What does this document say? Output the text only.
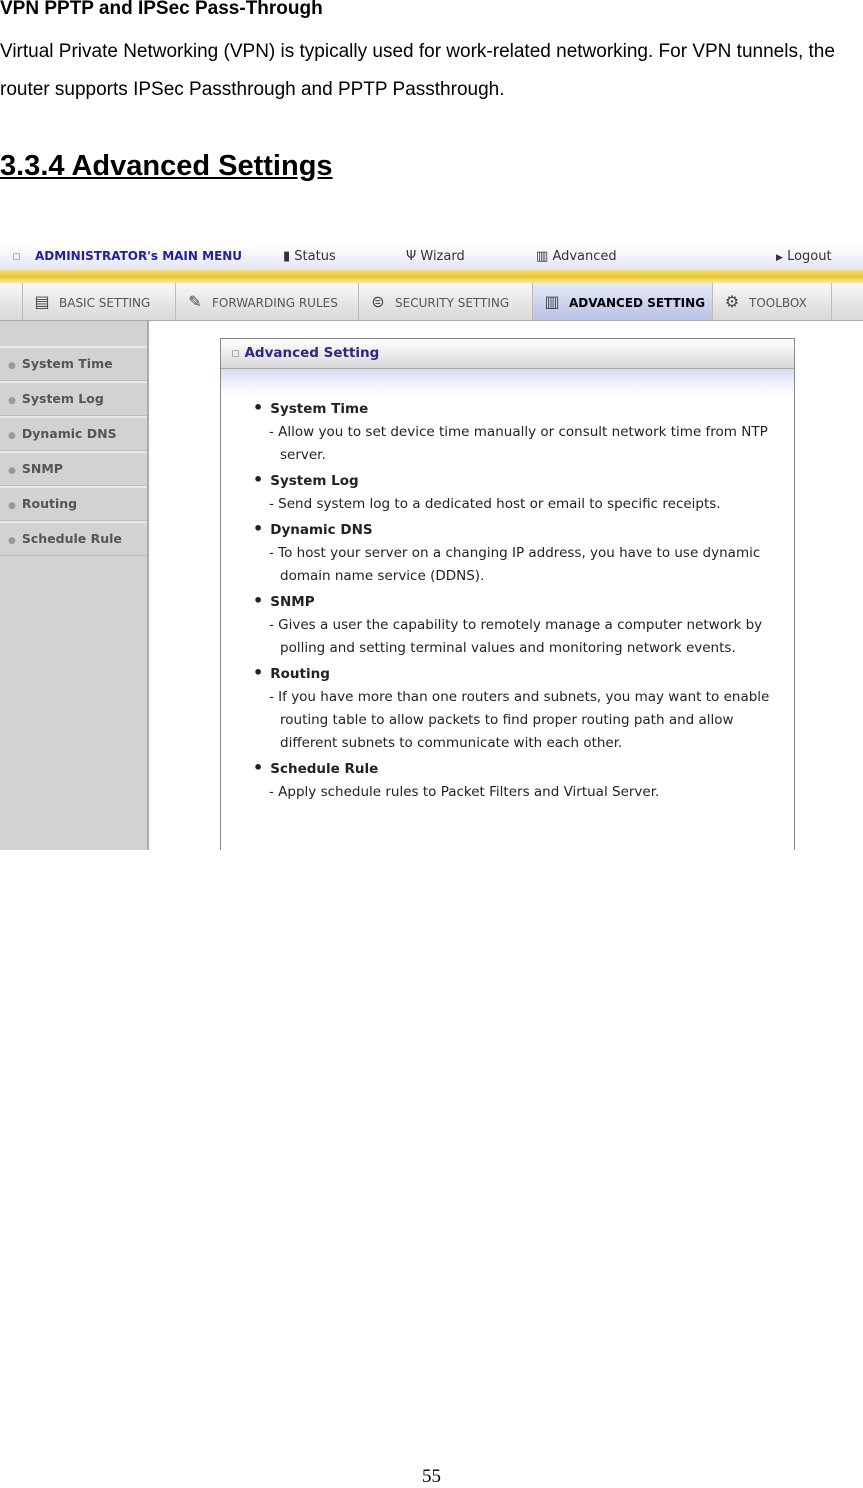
VPN PPTP and IPSec Pass-Through
Virtual Private Networking (VPN) is typically used for work-related networking. For VPN tunnels, the router supports IPSec Passthrough and PPTP Passthrough.
3.3.4 Advanced Settings
▫ ADMINISTRATOR's MAIN MENU	▮ Status	Ψ Wizard	▥ Advanced	▶ Logout
▤ BASIC SETTING	✎ FORWARDING RULES	⊜ SECURITY SETTING	▥ ADVANCED SETTING	⚙ TOOLBOX
● System Time
● System Log
● Dynamic DNS
● SNMP
● Routing
● Schedule Rule
▫ Advanced Setting
• System Time
- Allow you to set device time manually or consult network time from NTP server.
• System Log
- Send system log to a dedicated host or email to specific receipts.
• Dynamic DNS
- To host your server on a changing IP address, you have to use dynamic domain name service (DDNS).
• SNMP
- Gives a user the capability to remotely manage a computer network by polling and setting terminal values and monitoring network events.
• Routing
- If you have more than one routers and subnets, you may want to enable routing table to allow packets to find proper routing path and allow different subnets to communicate with each other.
• Schedule Rule
- Apply schedule rules to Packet Filters and Virtual Server.
55
